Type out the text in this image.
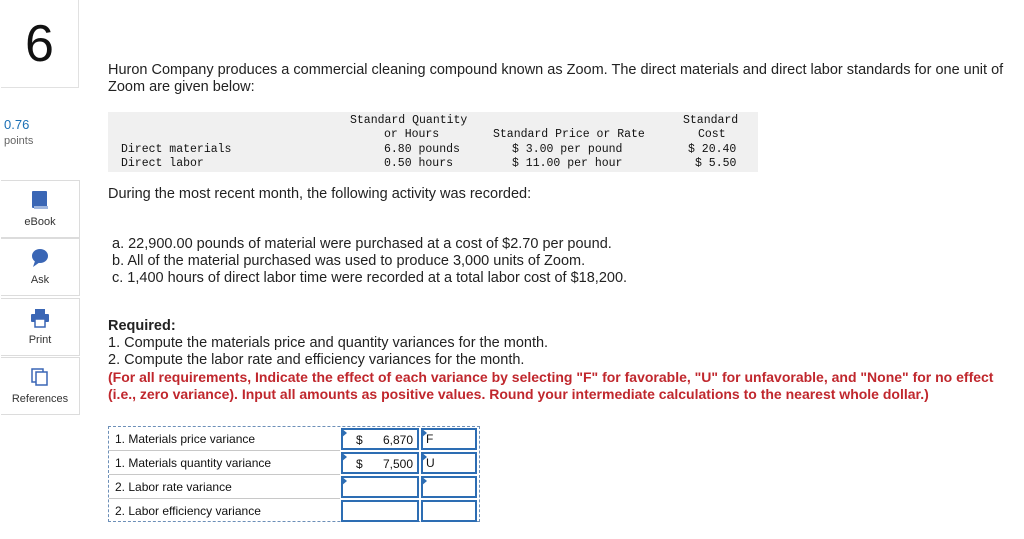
6
0.76
points
eBook
Ask
Print
References
Huron Company produces a commercial cleaning compound known as Zoom. The direct materials and direct labor standards for one unit of Zoom are given below:
Standard Quantity
or Hours	Standard Price or Rate
Standard
Cost
Direct materials	6.80 pounds	$ 3.00 per pound	$ 20.40
Direct labor	0.50 hours	$ 11.00 per hour	$ 5.50
During the most recent month, the following activity was recorded:
a. 22,900.00 pounds of material were purchased at a cost of $2.70 per pound.
b. All of the material purchased was used to produce 3,000 units of Zoom.
c. 1,400 hours of direct labor time were recorded at a total labor cost of $18,200.
Required:
1. Compute the materials price and quantity variances for the month.
2. Compute the labor rate and efficiency variances for the month.
(For all requirements, Indicate the effect of each variance by selecting "F" for favorable, "U" for unfavorable, and "None" for no effect (i.e., zero variance). Input all amounts as positive values. Round your intermediate calculations to the nearest whole dollar.)
1. Materials price variance	$ 6,870	F
1. Materials quantity variance	$ 7,500	U
2. Labor rate variance
2. Labor efficiency variance
